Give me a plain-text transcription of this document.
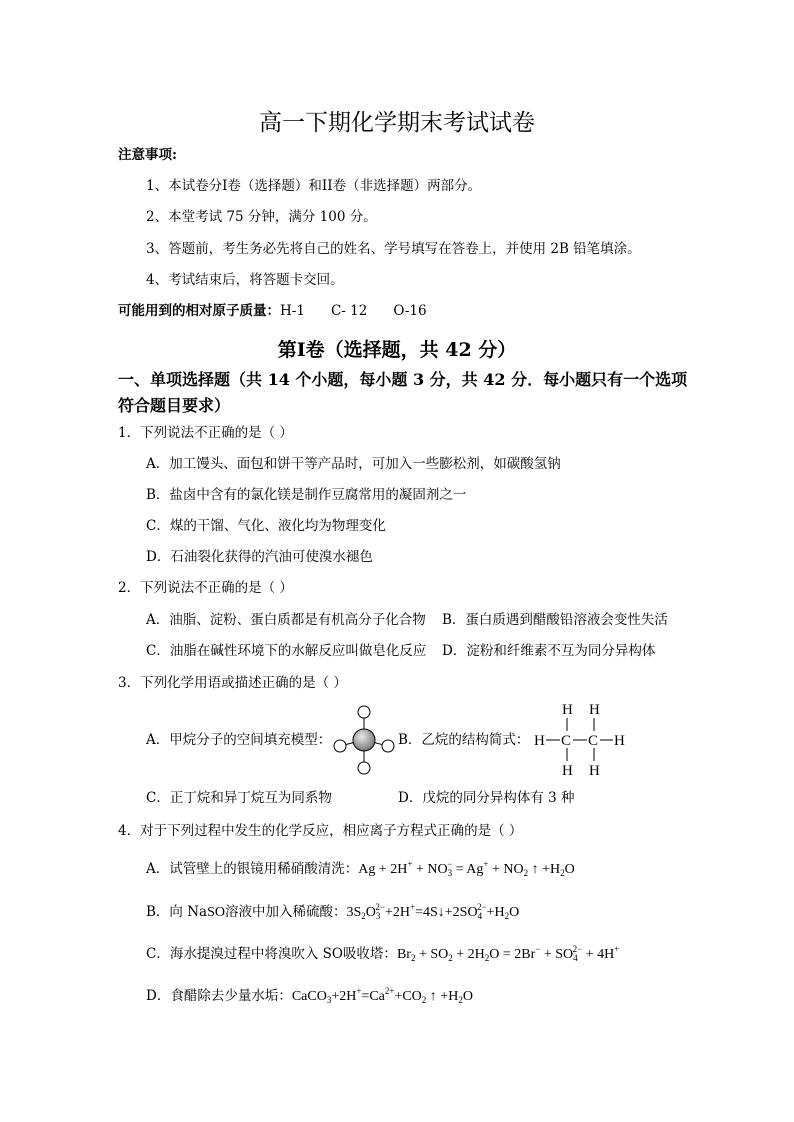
高一下期化学期末考试试卷
注意事项:
1、本试卷分I卷（选择题）和II卷（非选择题）两部分。
2、本堂考试 75 分钟，满分 100 分。
3、答题前，考生务必先将自己的姓名、学号填写在答卷上，并使用 2B 铅笔填涂。
4、考试结束后，将答题卡交回。
可能用到的相对原子质量：H-1 C- 12 O-16
第I卷（选择题，共 42 分）
一、单项选择题（共 14 个小题，每小题 3 分，共 42 分．每小题只有一个选项
符合题目要求）
1．下列说法不正确的是（ ）
A．加工馒头、面包和饼干等产品时，可加入一些膨松剂，如碳酸氢钠
B．盐卤中含有的氯化镁是制作豆腐常用的凝固剂之一
C．煤的干馏、气化、液化均为物理变化
D．石油裂化获得的汽油可使溴水褪色
2．下列说法不正确的是（ ）
A．油脂、淀粉、蛋白质都是有机高分子化合物 B．蛋白质遇到醋酸铅溶液会变性失活
C．油脂在碱性环境下的水解反应叫做皂化反应 D．淀粉和纤维素不互为同分异构体
3．下列化学用语或描述正确的是（ ）
A．甲烷分子的空间填充模型：	B．乙烷的结构简式：
H H
H C C H
H H
C．正丁烷和异丁烷互为同系物	D．戊烷的同分异构体有 3 种
4．对于下列过程中发生的化学反应，相应离子方程式正确的是（ ）
A．试管壁上的银镜用稀硝酸清洗：$Ag + 2H^+ + NO_3^- = Ag^+ + NO_2$ ↑ $+H_2O$
B．向 NaSO溶液中加入稀硫酸：$3S_2O_3^{2-}+2H^+=4S↓+2SO_4^{2-}+H_2O$
C．海水提溴过程中将溴吹入 SO吸收塔：$Br_2 + SO_2 + 2H_2O = 2Br^- + SO_4^{2-} + 4H^+$
D．食醋除去少量水垢：$CaCO_3+2H^+=Ca^{2+}+CO_2$ ↑ $+H_2O$
